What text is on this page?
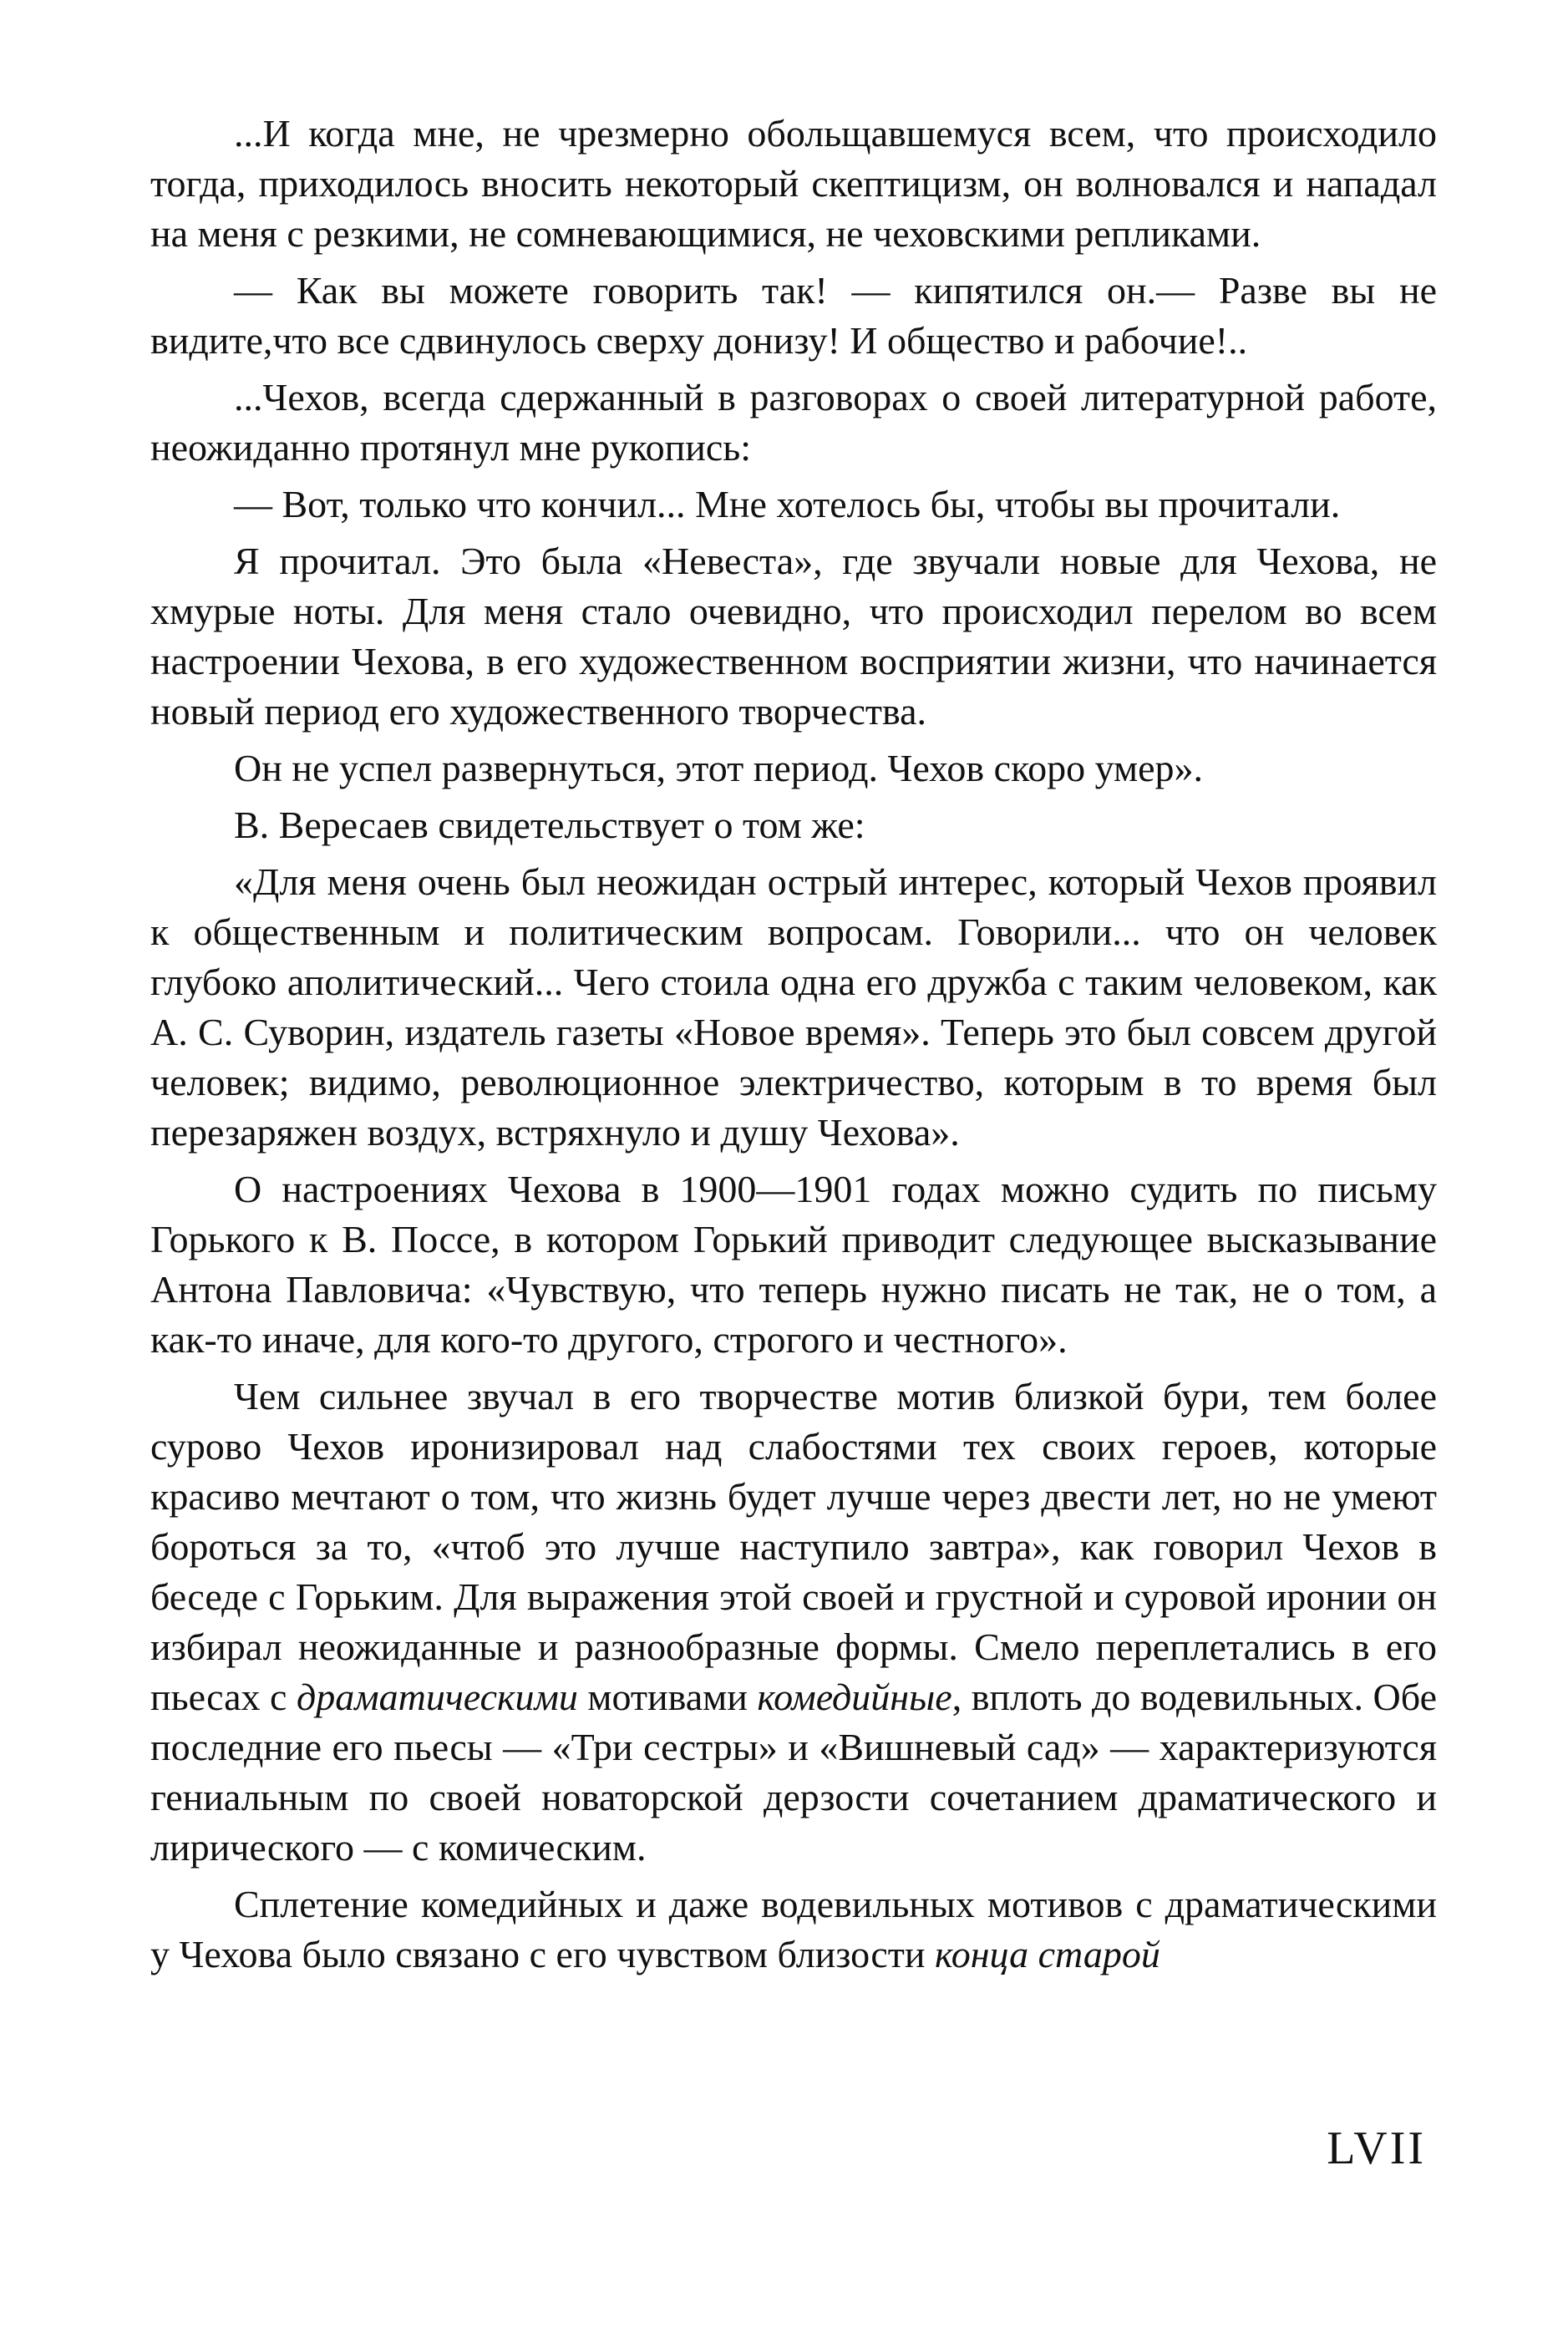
...И когда мне, не чрезмерно обольщавшемуся всем, что происходило тогда, приходилось вносить некоторый скептицизм, он волновался и нападал на меня с резкими, не сомневающимися, не чеховскими репликами.

— Как вы можете говорить так! — кипятился он.— Разве вы не видите,что все сдвинулось сверху донизу! И общество и рабочие!..

...Чехов, всегда сдержанный в разговорах о своей литературной работе, неожиданно протянул мне рукопись:

— Вот, только что кончил... Мне хотелось бы, чтобы вы прочитали.

Я прочитал. Это была «Невеста», где звучали новые для Чехова, не хмурые ноты. Для меня стало очевидно, что происходил перелом во всем настроении Чехова, в его художественном восприятии жизни, что начинается новый период его художественного творчества.

Он не успел развернуться, этот период. Чехов скоро умер».

В. Вересаев свидетельствует о том же:

«Для меня очень был неожидан острый интерес, который Чехов проявил к общественным и политическим вопросам. Говорили... что он человек глубоко аполитический... Чего стоила одна его дружба с таким человеком, как А. С. Суворин, издатель газеты «Новое время». Теперь это был совсем другой человек; видимо, революционное электричество, которым в то время был перезаряжен воздух, встряхнуло и душу Чехова».

О настроениях Чехова в 1900—1901 годах можно судить по письму Горького к В. Поссе, в котором Горький приводит следующее высказывание Антона Павловича: «Чувствую, что теперь нужно писать не так, не о том, а как-то иначе, для кого-то другого, строгого и честного».

Чем сильнее звучал в его творчестве мотив близкой бури, тем более сурово Чехов иронизировал над слабостями тех своих героев, которые красиво мечтают о том, что жизнь будет лучше через двести лет, но не умеют бороться за то, «чтоб это лучше наступило завтра», как говорил Чехов в беседе с Горьким. Для выражения этой своей и грустной и суровой иронии он избирал неожиданные и разнообразные формы. Смело переплетались в его пьесах с драматическими мотивами комедийные, вплоть до водевильных. Обе последние его пьесы — «Три сестры» и «Вишневый сад» — характеризуются гениальным по своей новаторской дерзости сочетанием драматического и лирического — с комическим.

Сплетение комедийных и даже водевильных мотивов с драматическими у Чехова было связано с его чувством близости конца старой

LVII
